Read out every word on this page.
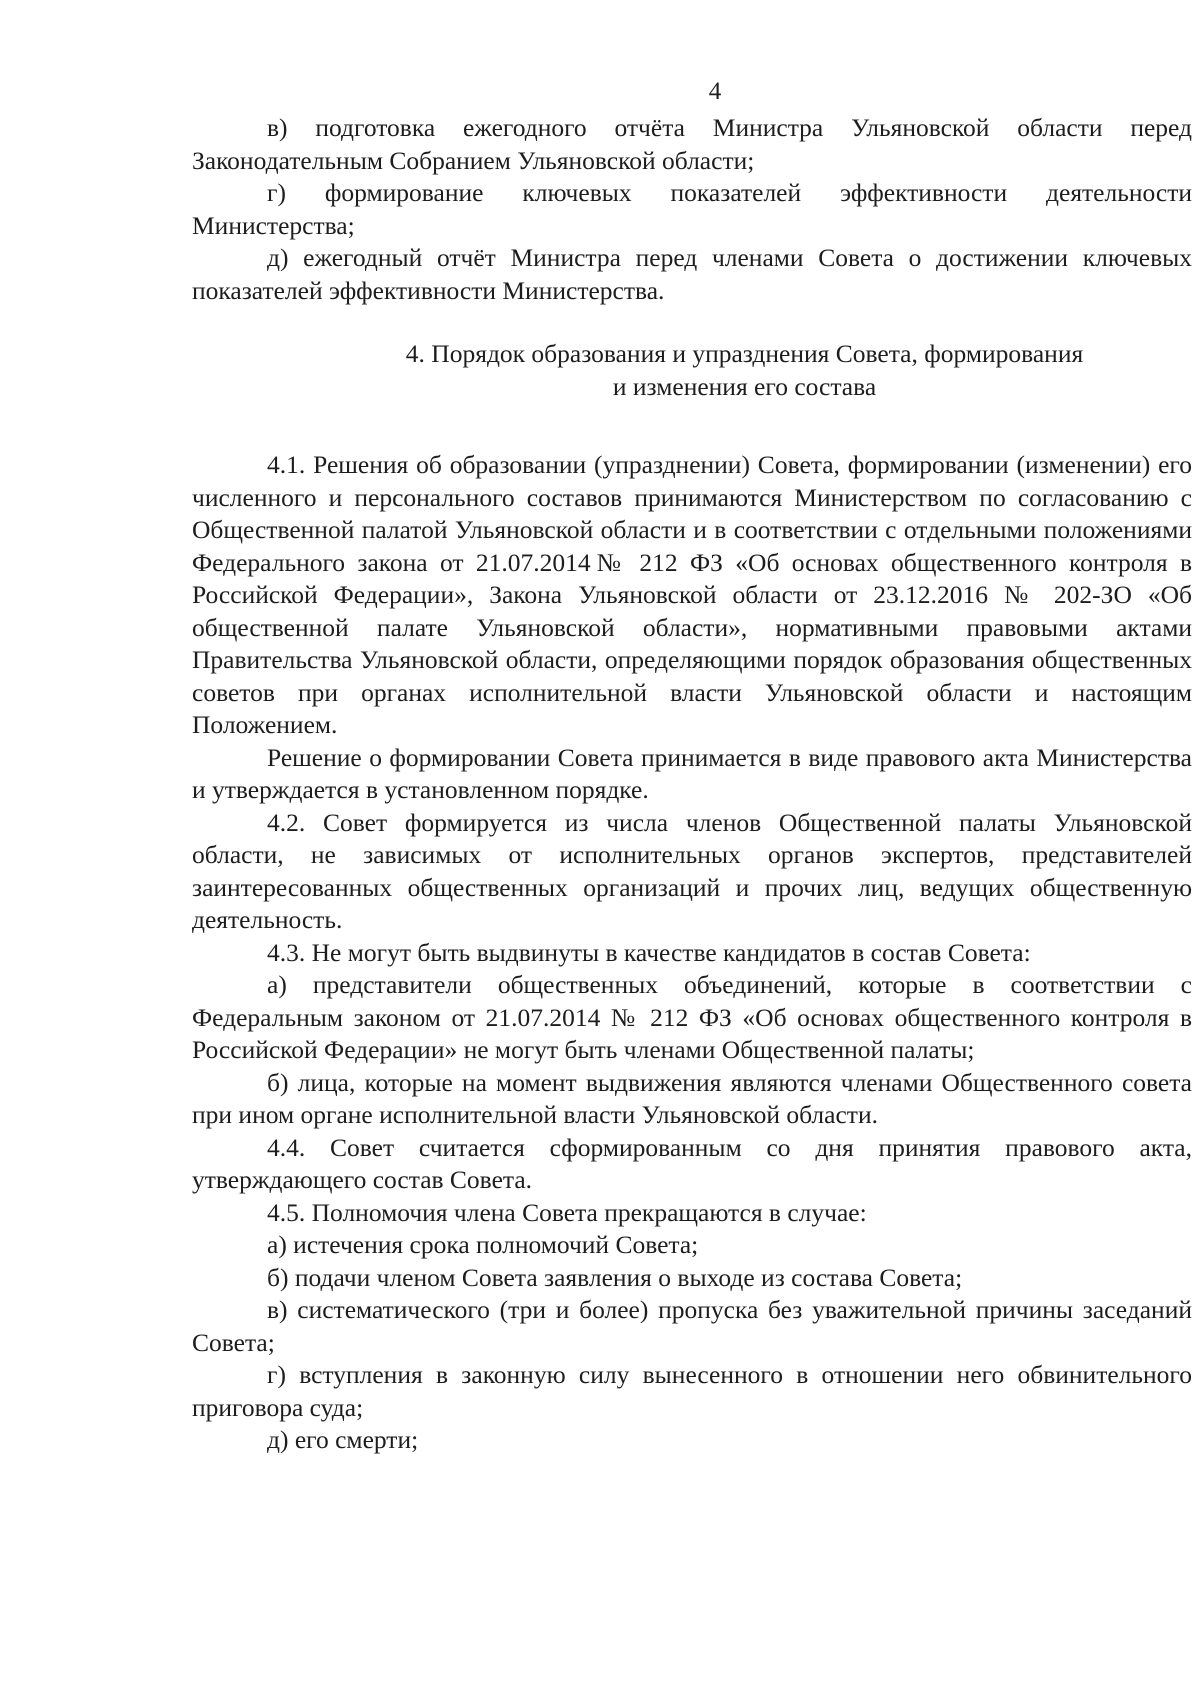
4

в) подготовка ежегодного отчёта Министра Ульяновской области перед Законодательным Собранием Ульяновской области;

г) формирование ключевых показателей эффективности деятельности Министерства;

д) ежегодный отчёт Министра перед членами Совета о достижении ключевых показателей эффективности Министерства.

4. Порядок образования и упразднения Совета, формирования
и изменения его состава

4.1. Решения об образовании (упразднении) Совета, формировании (изменении) его численного и персонального составов принимаются Министерством по согласованию с Общественной палатой Ульяновской области и в соответствии с отдельными положениями Федерального закона от 21.07.2014№ 212 ФЗ «Об основах общественного контроля в Российской Федерации», Закона Ульяновской области от 23.12.2016 № 202-ЗО «Об общественной палате Ульяновской области», нормативными правовыми актами Правительства Ульяновской области, определяющими порядок образования общественных советов при органах исполнительной власти Ульяновской области и настоящим Положением.

Решение о формировании Совета принимается в виде правового акта Министерства и утверждается в установленном порядке.

4.2. Совет формируется из числа членов Общественной палаты Ульяновской области, не зависимых от исполнительных органов экспертов, представителей заинтересованных общественных организаций и прочих лиц, ведущих общественную деятельность.

4.3. Не могут быть выдвинуты в качестве кандидатов в состав Совета:

а) представители общественных объединений, которые в соответствии с Федеральным законом от 21.07.2014 № 212 ФЗ «Об основах общественного контроля в Российской Федерации» не могут быть членами Общественной палаты;

б) лица, которые на момент выдвижения являются членами Общественного совета при ином органе исполнительной власти Ульяновской области.

4.4. Совет считается сформированным со дня принятия правового акта, утверждающего состав Совета.

4.5. Полномочия члена Совета прекращаются в случае:

а) истечения срока полномочий Совета;

б) подачи членом Совета заявления о выходе из состава Совета;

в) систематического (три и более) пропуска без уважительной причины заседаний Совета;

г) вступления в законную силу вынесенного в отношении него обвинительного приговора суда;

д) его смерти;
